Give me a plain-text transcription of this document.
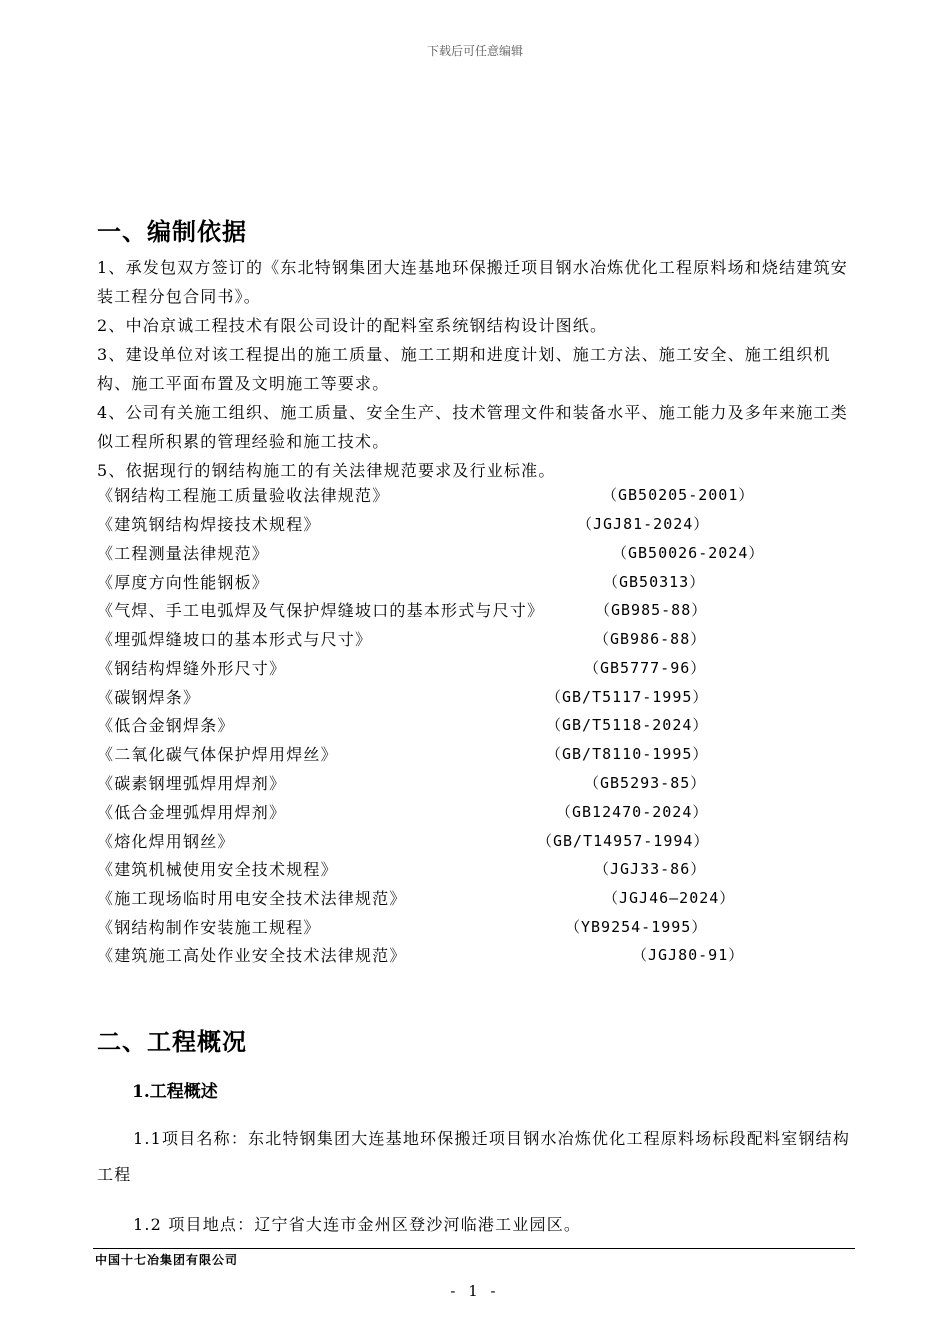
下载后可任意编辑
一、编制依据
1、承发包双方签订的《东北特钢集团大连基地环保搬迁项目钢水冶炼优化工程原料场和烧结建筑安装工程分包合同书》。
2、中冶京诚工程技术有限公司设计的配料室系统钢结构设计图纸。
3、建设单位对该工程提出的施工质量、施工工期和进度计划、施工方法、施工安全、施工组织机构、施工平面布置及文明施工等要求。
4、公司有关施工组织、施工质量、安全生产、技术管理文件和装备水平、施工能力及多年来施工类似工程所积累的管理经验和施工技术。
5、依据现行的钢结构施工的有关法律规范要求及行业标准。
《钢结构工程施工质量验收法律规范》	（GB50205-2001）
《建筑钢结构焊接技术规程》	（JGJ81-2024）
《工程测量法律规范》	（GB50026-2024）
《厚度方向性能钢板》	（GB50313）
《气焊、手工电弧焊及气保护焊缝坡口的基本形式与尺寸》	（GB985-88）
《埋弧焊缝坡口的基本形式与尺寸》	（GB986-88）
《钢结构焊缝外形尺寸》	（GB5777-96）
《碳钢焊条》	（GB/T5117-1995）
《低合金钢焊条》	（GB/T5118-2024）
《二氧化碳气体保护焊用焊丝》	（GB/T8110-1995）
《碳素钢埋弧焊用焊剂》	（GB5293-85）
《低合金埋弧焊用焊剂》	（GB12470-2024）
《熔化焊用钢丝》	（GB/T14957-1994）
《建筑机械使用安全技术规程》	（JGJ33-86）
《施工现场临时用电安全技术法律规范》	（JGJ46—2024）
《钢结构制作安装施工规程》	（YB9254-1995）
《建筑施工高处作业安全技术法律规范》	（JGJ80-91）
二、工程概况
1.工程概述
1.1项目名称：东北特钢集团大连基地环保搬迁项目钢水冶炼优化工程原料场标段配料室钢结构工程
1.2 项目地点：辽宁省大连市金州区登沙河临港工业园区。
中国十七冶集团有限公司
- 1 -
